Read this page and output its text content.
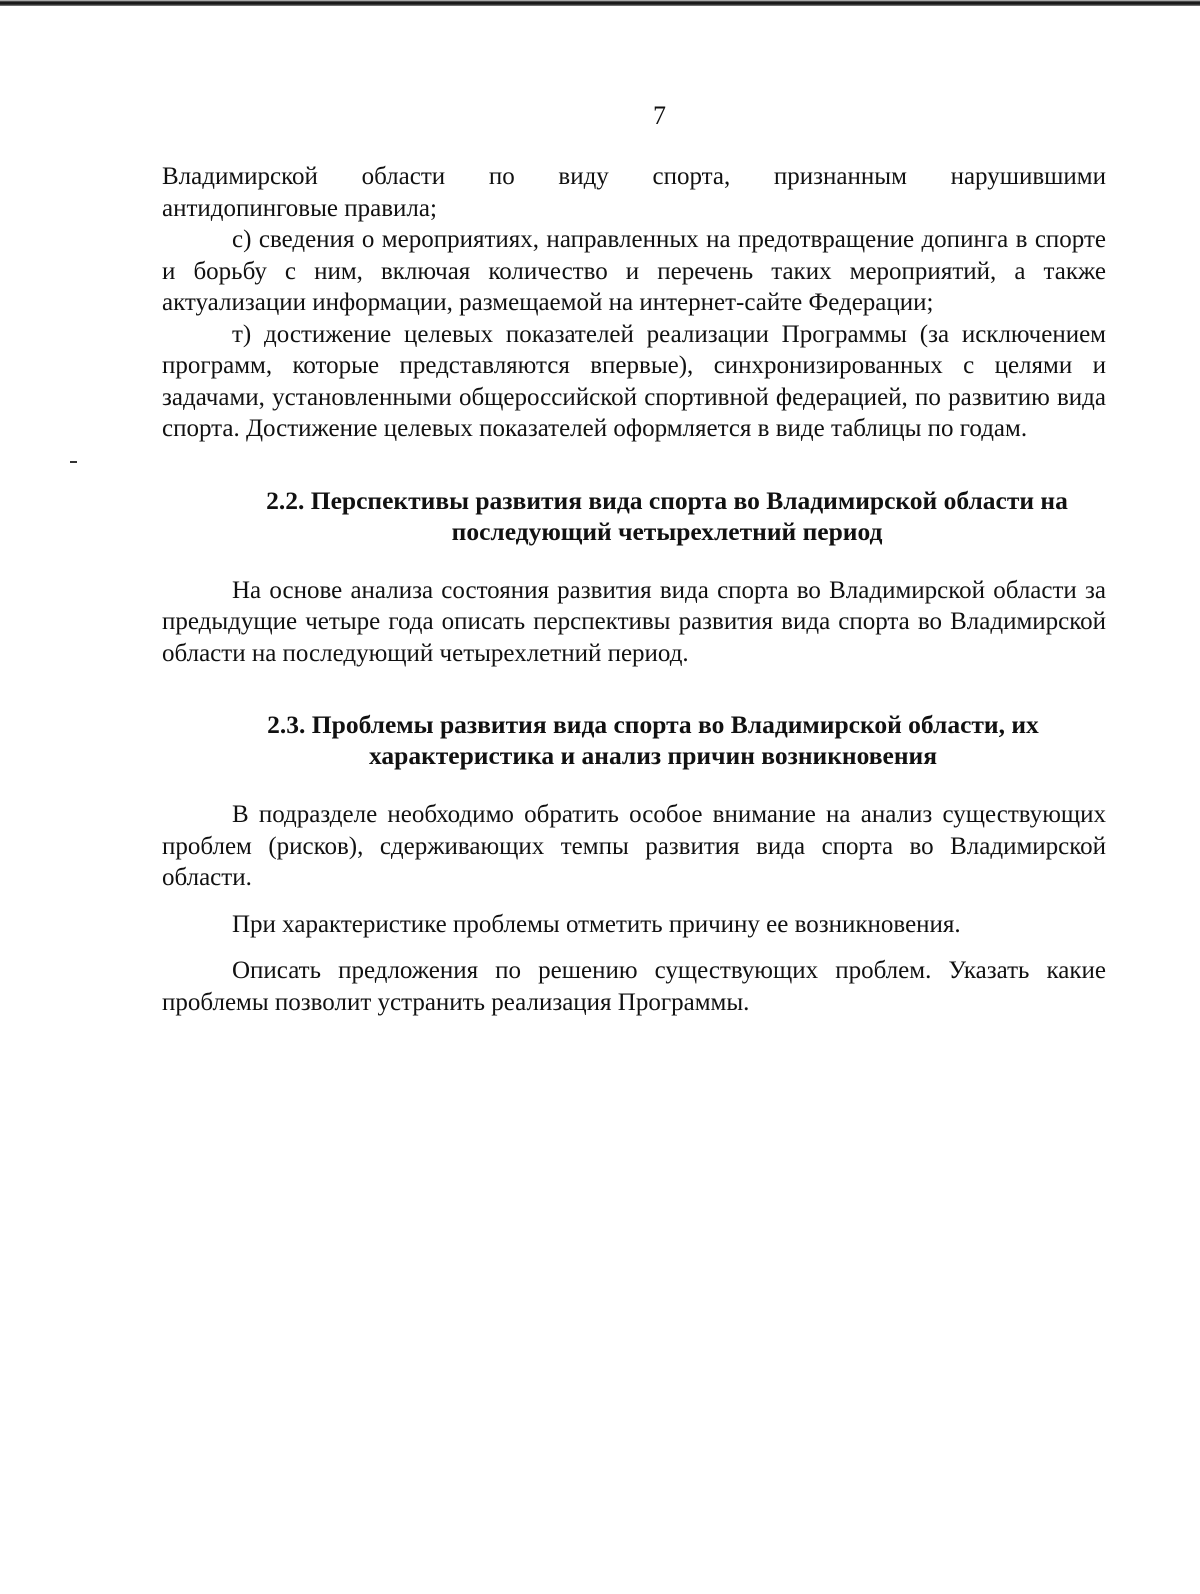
7

Владимирской области по виду спорта, признанным нарушившими

антидопинговые правила;

с) сведения о мероприятиях, направленных на предотвращение допинга в спорте и борьбу с ним, включая количество и перечень таких мероприятий, а также актуализации информации, размещаемой на интернет-сайте Федерации;

т) достижение целевых показателей реализации Программы (за исключением программ, которые представляются впервые), синхронизированных с целями и задачами, установленными общероссийской спортивной федерацией, по развитию вида спорта. Достижение целевых показателей оформляется в виде таблицы по годам.

2.2. Перспективы развития вида спорта во Владимирской области на
последующий четырехлетний период

На основе анализа состояния развития вида спорта во Владимирской области за предыдущие четыре года описать перспективы развития вида спорта во Владимирской области на последующий четырехлетний период.

2.3. Проблемы развития вида спорта во Владимирской области, их
характеристика и анализ причин возникновения

В подразделе необходимо обратить особое внимание на анализ существующих проблем (рисков), сдерживающих темпы развития вида спорта во Владимирской области.

При характеристике проблемы отметить причину ее возникновения.

Описать предложения по решению существующих проблем. Указать какие проблемы позволит устранить реализация Программы.
